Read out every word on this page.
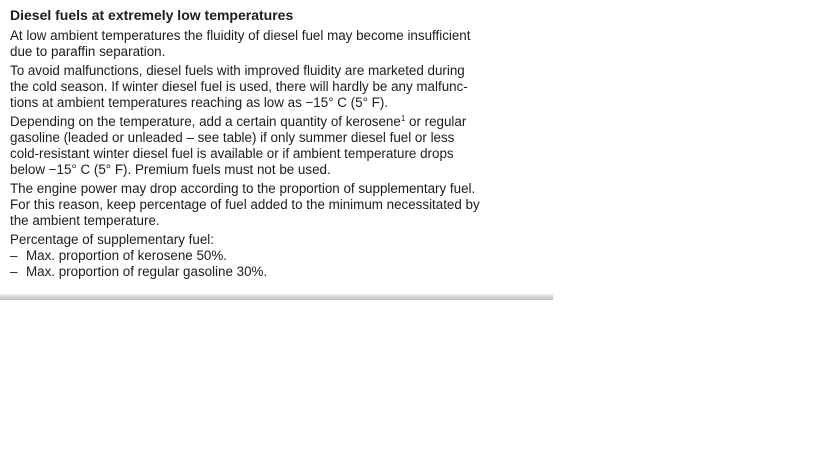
Diesel fuels at extremely low temperatures
At low ambient temperatures the fluidity of diesel fuel may become insufficient
due to paraffin separation.
To avoid malfunctions, diesel fuels with improved fluidity are marketed during
the cold season. If winter diesel fuel is used, there will hardly be any malfunc-
tions at ambient temperatures reaching as low as −15° C (5° F).
Depending on the temperature, add a certain quantity of kerosene$^1$ or regular
gasoline (leaded or unleaded – see table) if only summer diesel fuel or less
cold-resistant winter diesel fuel is available or if ambient temperature drops
below −15° C (5° F). Premium fuels must not be used.
The engine power may drop according to the proportion of supplementary fuel.
For this reason, keep percentage of fuel added to the minimum necessitated by
the ambient temperature.
Percentage of supplementary fuel:
– Max. proportion of kerosene 50%.
– Max. proportion of regular gasoline 30%.
